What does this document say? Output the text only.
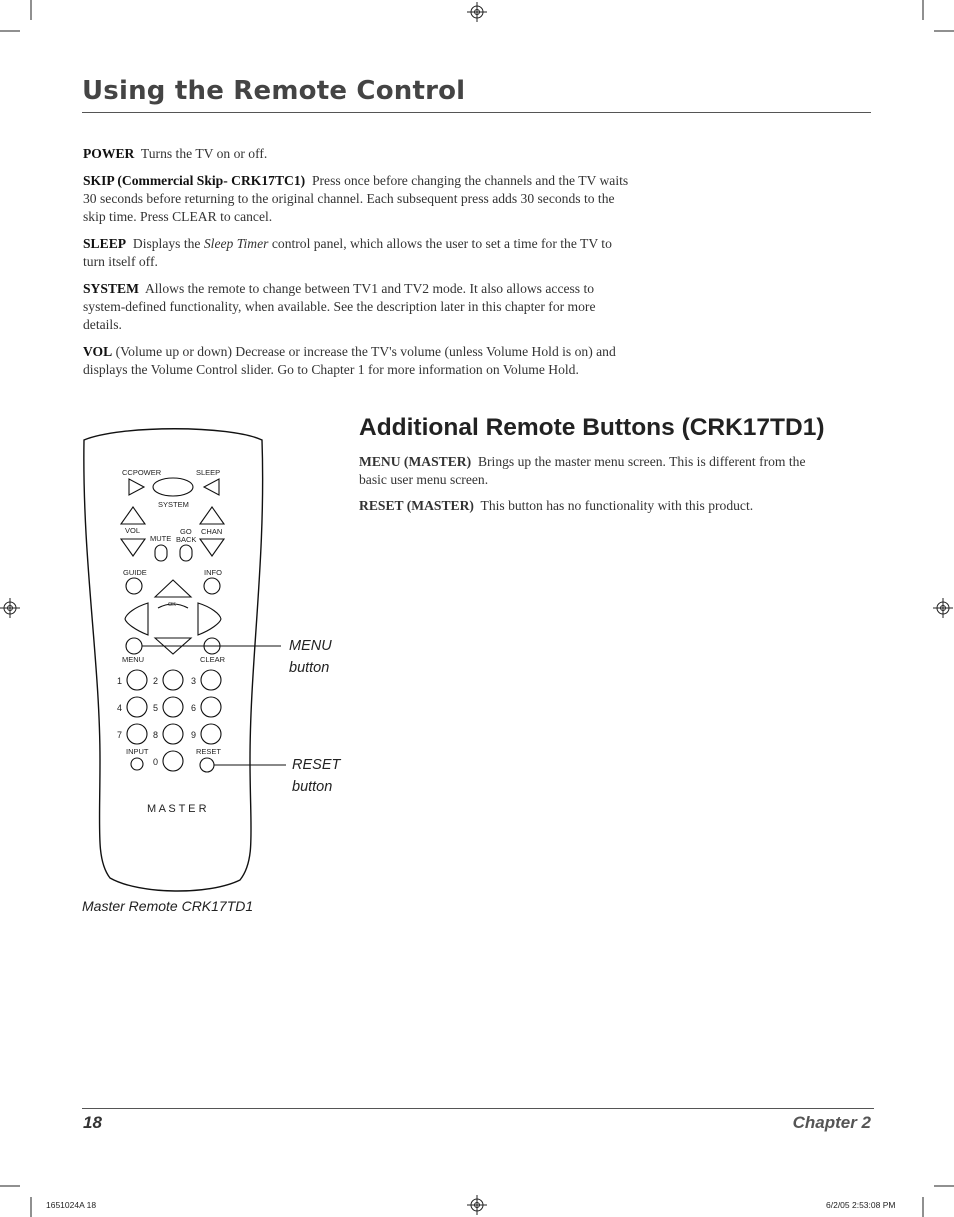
Using the Remote Control
POWER Turns the TV on or off.
SKIP (Commercial Skip- CRK17TC1) Press once before changing the channels and the TV waits
30 seconds before returning to the original channel. Each subsequent press adds 30 seconds to the
skip time. Press CLEAR to cancel.
SLEEP Displays the Sleep Timer control panel, which allows the user to set a time for the TV to
turn itself off.
SYSTEM Allows the remote to change between TV1 and TV2 mode. It also allows access to
system-defined functionality, when available. See the description later in this chapter for more
details.
VOL (Volume up or down) Decrease or increase the TV's volume (unless Volume Hold is on) and
displays the Volume Control slider. Go to Chapter 1 for more information on Volume Hold.
Additional Remote Buttons (CRK17TD1)
MENU (MASTER) Brings up the master menu screen. This is different from the
basic user menu screen.
RESET (MASTER) This button has no functionality with this product.
CCPOWER	SLEEP
SYSTEM
VOL	GO CHAN
MUTE BACK
GUIDE	INFO
OK
MENU	CLEAR
INPUT	RESET
1	2	3
4	5	6
7	8	9
0
M A S T E R
MENU
button
RESET
button
Master Remote CRK17TD1
18	Chapter 2
1651024A 18	6/2/05 2:53:08 PM
